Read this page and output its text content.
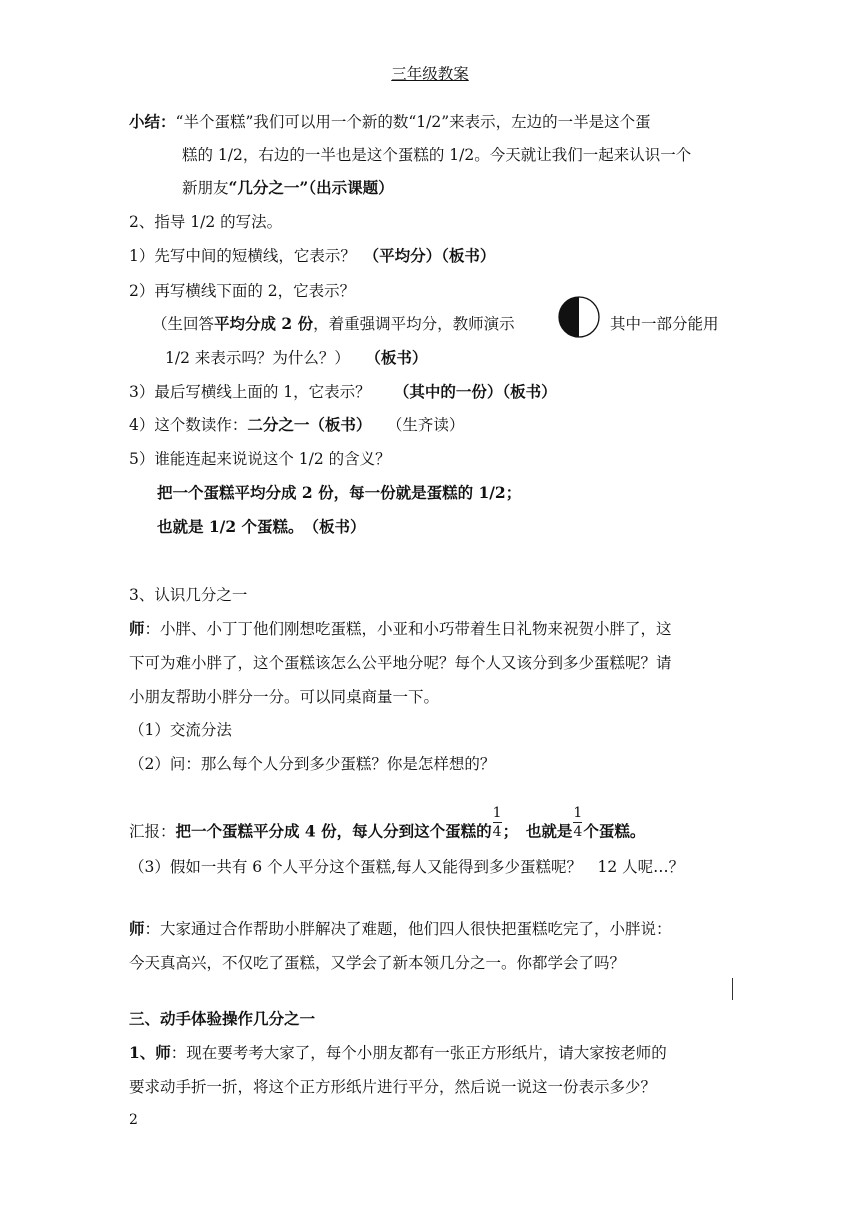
三年级教案
小结：“半个蛋糕”我们可以用一个新的数“1/2”来表示，左边的一半是这个蛋
糕的 1/2，右边的一半也是这个蛋糕的 1/2。今天就让我们一起来认识一个
新朋友“几分之一”（出示课题）
2、指导 1/2 的写法。
1）先写中间的短横线，它表示？　（平均分）（板书）
2）再写横线下面的 2，它表示？
（生回答平均分成 2 份，着重强调平均分，教师演示	其中一部分能用
1/2 来表示吗？为什么？）　　（板书）
3）最后写横线上面的 1，它表示？　　（其中的一份）（板书）
4）这个数读作：二分之一（板书）　　（生齐读）
5）谁能连起来说说这个 1/2 的含义？
把一个蛋糕平均分成 2 份，每一份就是蛋糕的 1/2；
也就是 1/2 个蛋糕。　（板书）
3、认识几分之一
师：小胖、小丁丁他们刚想吃蛋糕，小亚和小巧带着生日礼物来祝贺小胖了，这
下可为难小胖了，这个蛋糕该怎么公平地分呢？每个人又该分到多少蛋糕呢？请
小朋友帮助小胖分一分。可以同桌商量一下。
（1）交流分法
（2）问：那么每个人分到多少蛋糕？你是怎样想的？
汇报：把一个蛋糕平分成 4 份，每人分到这个蛋糕的 $\frac{1}{4}$ ；　也就是 $\frac{1}{4}$ 个蛋糕。
（3）假如一共有 6 个人平分这个蛋糕,每人又能得到多少蛋糕呢？　12 人呢…？
师：大家通过合作帮助小胖解决了难题，他们四人很快把蛋糕吃完了，小胖说：
今天真高兴，不仅吃了蛋糕，又学会了新本领几分之一。你都学会了吗？
三、动手体验操作几分之一
1、师：现在要考考大家了，每个小朋友都有一张正方形纸片，请大家按老师的
要求动手折一折，将这个正方形纸片进行平分，然后说一说这一份表示多少？
2
